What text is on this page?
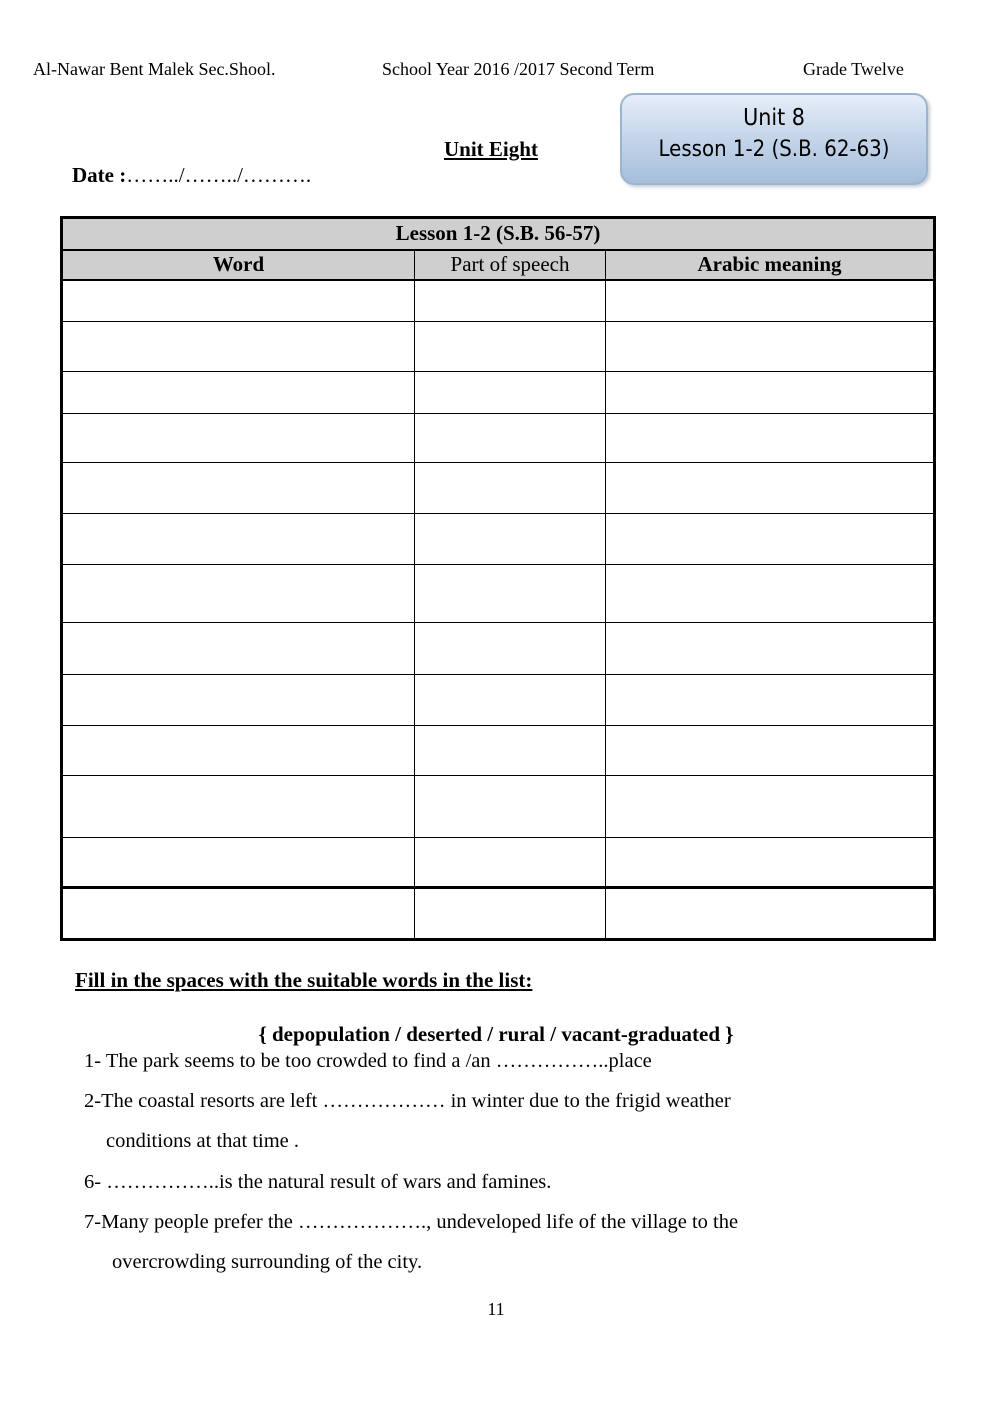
Al-Nawar Bent Malek Sec.Shool.	School Year 2016 /2017 Second Term	Grade Twelve
Unit 8
Lesson 1-2 (S.B. 62-63)
Unit Eight
Date :……../……../……….
Lesson 1-2 (S.B. 56-57)		
Word	Part of speech	Arabic meaning

Fill in the spaces with the suitable words in the list:
{ depopulation / deserted / rural / vacant-graduated }
1- The park seems to be too crowded to find a /an ……………..place
2-The coastal resorts are left ……………… in winter due to the frigid weather
conditions at that time .
6- ……………..is the natural result of wars and famines.
7-Many people prefer the ………………., undeveloped life of the village to the
overcrowding surrounding of the city.
11
